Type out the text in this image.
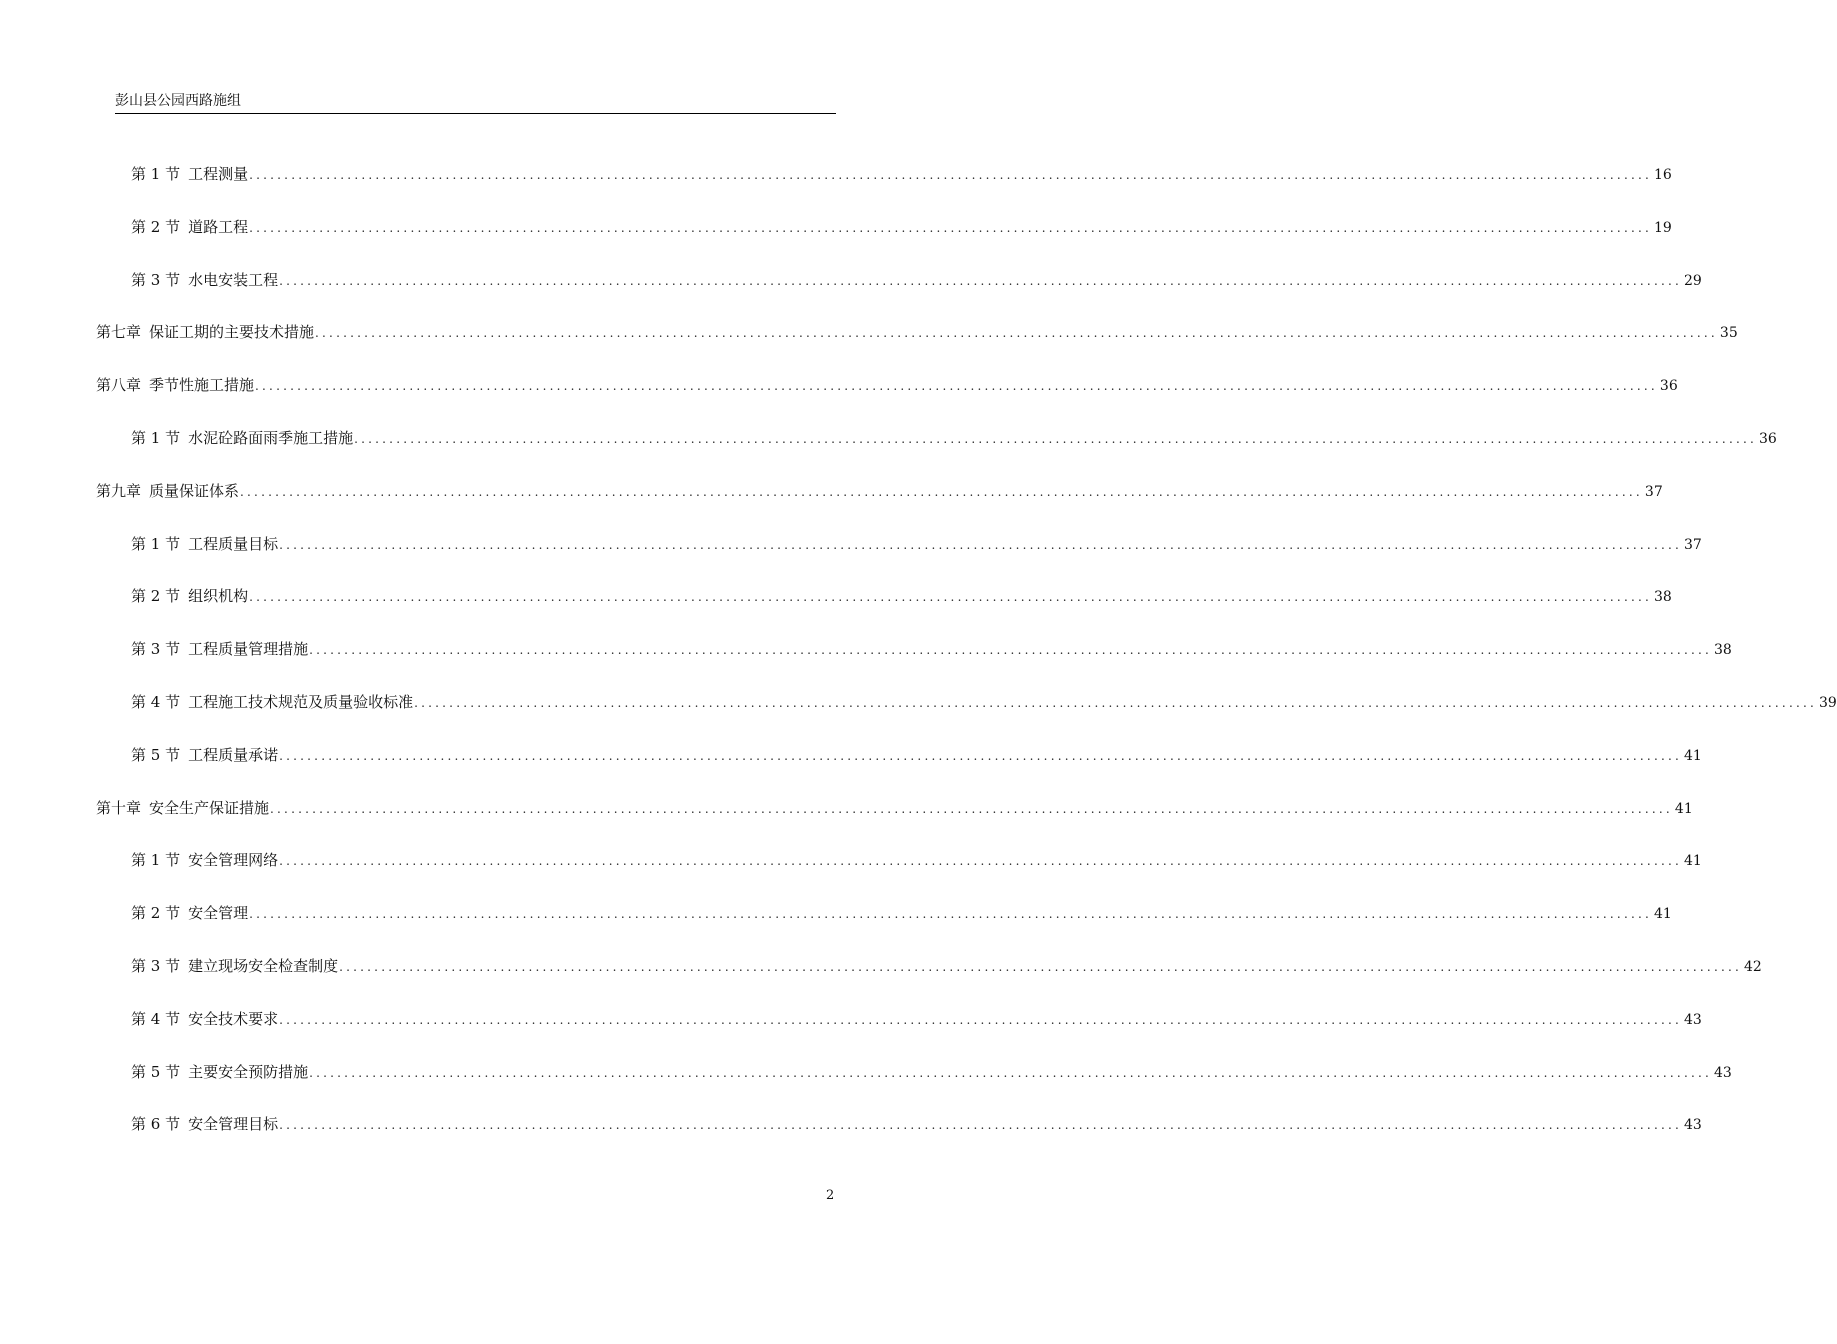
彭山县公园西路施组
第 1 节 工程测量 ........................................................................................................................................................................................................ 16
第 2 节 道路工程 ........................................................................................................................................................................................................ 19
第 3 节 水电安装工程 ........................................................................................................................................................................................................ 29
第七章 保证工期的主要技术措施 ........................................................................................................................................................................................................ 35
第八章 季节性施工措施 ........................................................................................................................................................................................................ 36
第 1 节 水泥砼路面雨季施工措施 ........................................................................................................................................................................................................ 36
第九章 质量保证体系 ........................................................................................................................................................................................................ 37
第 1 节 工程质量目标 ........................................................................................................................................................................................................ 37
第 2 节 组织机构 ........................................................................................................................................................................................................ 38
第 3 节 工程质量管理措施 ........................................................................................................................................................................................................ 38
第 4 节 工程施工技术规范及质量验收标准 ........................................................................................................................................................................................................ 39
第 5 节 工程质量承诺 ........................................................................................................................................................................................................ 41
第十章 安全生产保证措施 ........................................................................................................................................................................................................ 41
第 1 节 安全管理网络 ........................................................................................................................................................................................................ 41
第 2 节 安全管理 ........................................................................................................................................................................................................ 41
第 3 节 建立现场安全检查制度 ........................................................................................................................................................................................................ 42
第 4 节 安全技术要求 ........................................................................................................................................................................................................ 43
第 5 节 主要安全预防措施 ........................................................................................................................................................................................................ 43
第 6 节 安全管理目标 ........................................................................................................................................................................................................ 43
2
